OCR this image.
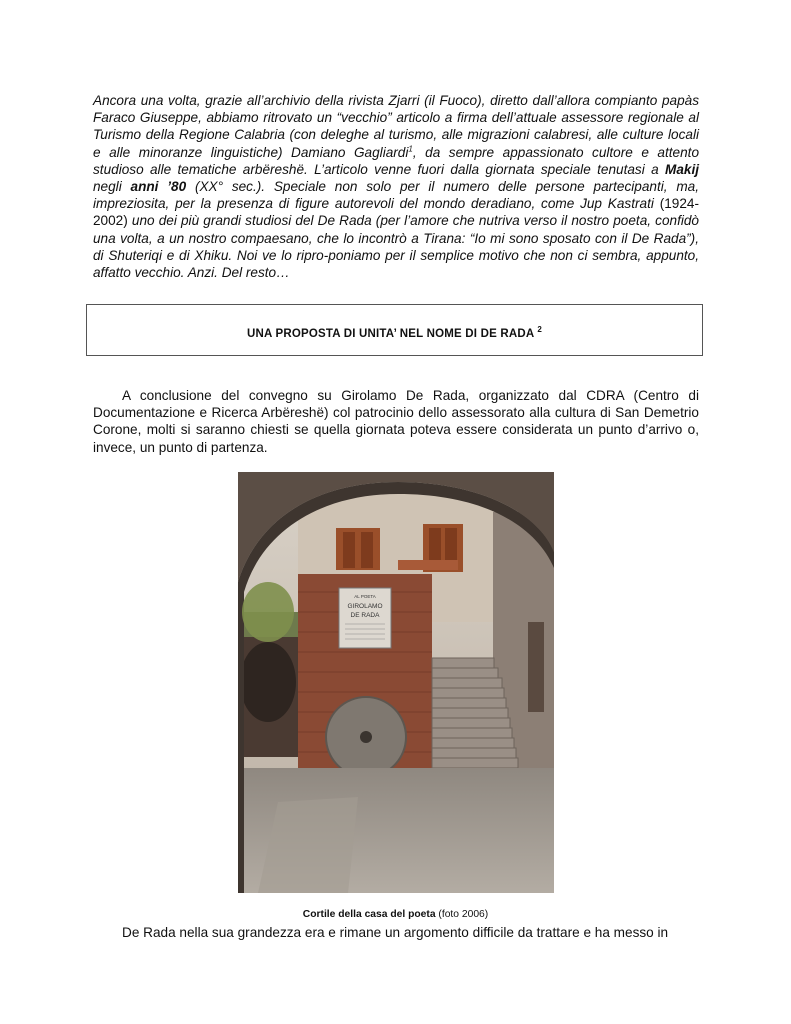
Ancora una volta, grazie all’archivio della rivista Zjarri (il Fuoco), diretto dall’allora compianto papàs Faraco Giuseppe, abbiamo ritrovato un “vecchio” articolo a firma dell’attuale assessore regionale al Turismo della Regione Calabria (con deleghe al turismo, alle migrazioni calabresi, alle culture locali e alle minoranze linguistiche) Damiano Gagliardi$^1$, da sempre appassionato cultore e attento studioso alle tematiche arbëreshë. L’articolo venne fuori dalla giornata speciale tenutasi a Makij negli anni ’80 (XX° sec.). Speciale non solo per il numero delle persone partecipanti, ma, impreziosita, per la presenza di figure autorevoli del mondo deradiano, come Jup Kastrati (1924-2002) uno dei più grandi studiosi del De Rada (per l’amore che nutriva verso il nostro poeta, confidò una volta, a un nostro compaesano, che lo incontrò a Tirana: “Io mi sono sposato con il De Rada”), di Shuteriqi e di Xhiku. Noi ve lo ripro-poniamo per il semplice motivo che non ci sembra, appunto, affatto vecchio. Anzi. Del resto…

UNA PROPOSTA DI UNITA’ NEL NOME DI DE RADA $^2$

A conclusione del convegno su Girolamo De Rada, organizzato dal CDRA (Centro di Documentazione e Ricerca Arbëreshë) col patrocinio dello assessorato alla cultura di San Demetrio Corone, molti si saranno chiesti se quella giornata poteva essere considerata un punto d’arrivo o, invece, un punto di partenza.

AL POETA
GIROLAMO
DE RADA
Cortile della casa del poeta (foto 2006)

De Rada nella sua grandezza era e rimane un argomento difficile da trattare e ha messo in
